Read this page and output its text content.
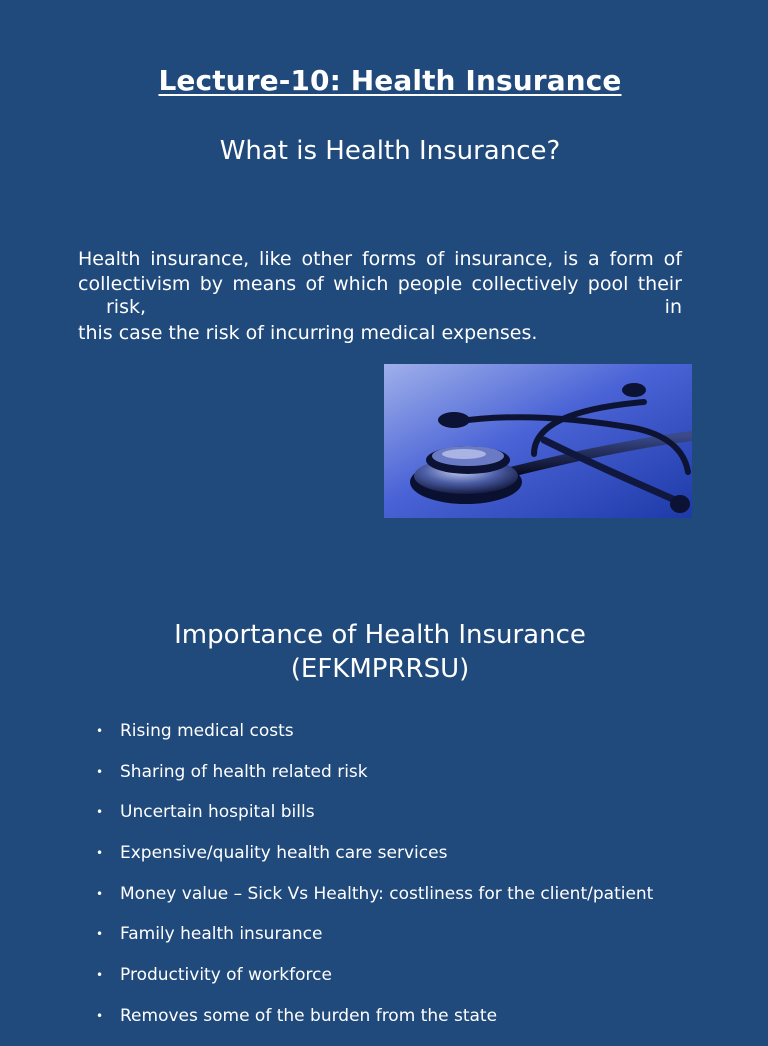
Lecture-10: Health Insurance
What is Health Insurance?

Health insurance, like other forms of insurance, is a form of

collectivism by means of which people collectively pool their risk, in

this case the risk of incurring medical expenses.

Importance of Health Insurance
(EFKMPRRSU)
• Rising medical costs
• Sharing of health related risk
• Uncertain hospital bills
• Expensive/quality health care services
• Money value – Sick Vs Healthy: costliness for the client/patient
• Family health insurance
• Productivity of workforce
• Removes some of the burden from the state
